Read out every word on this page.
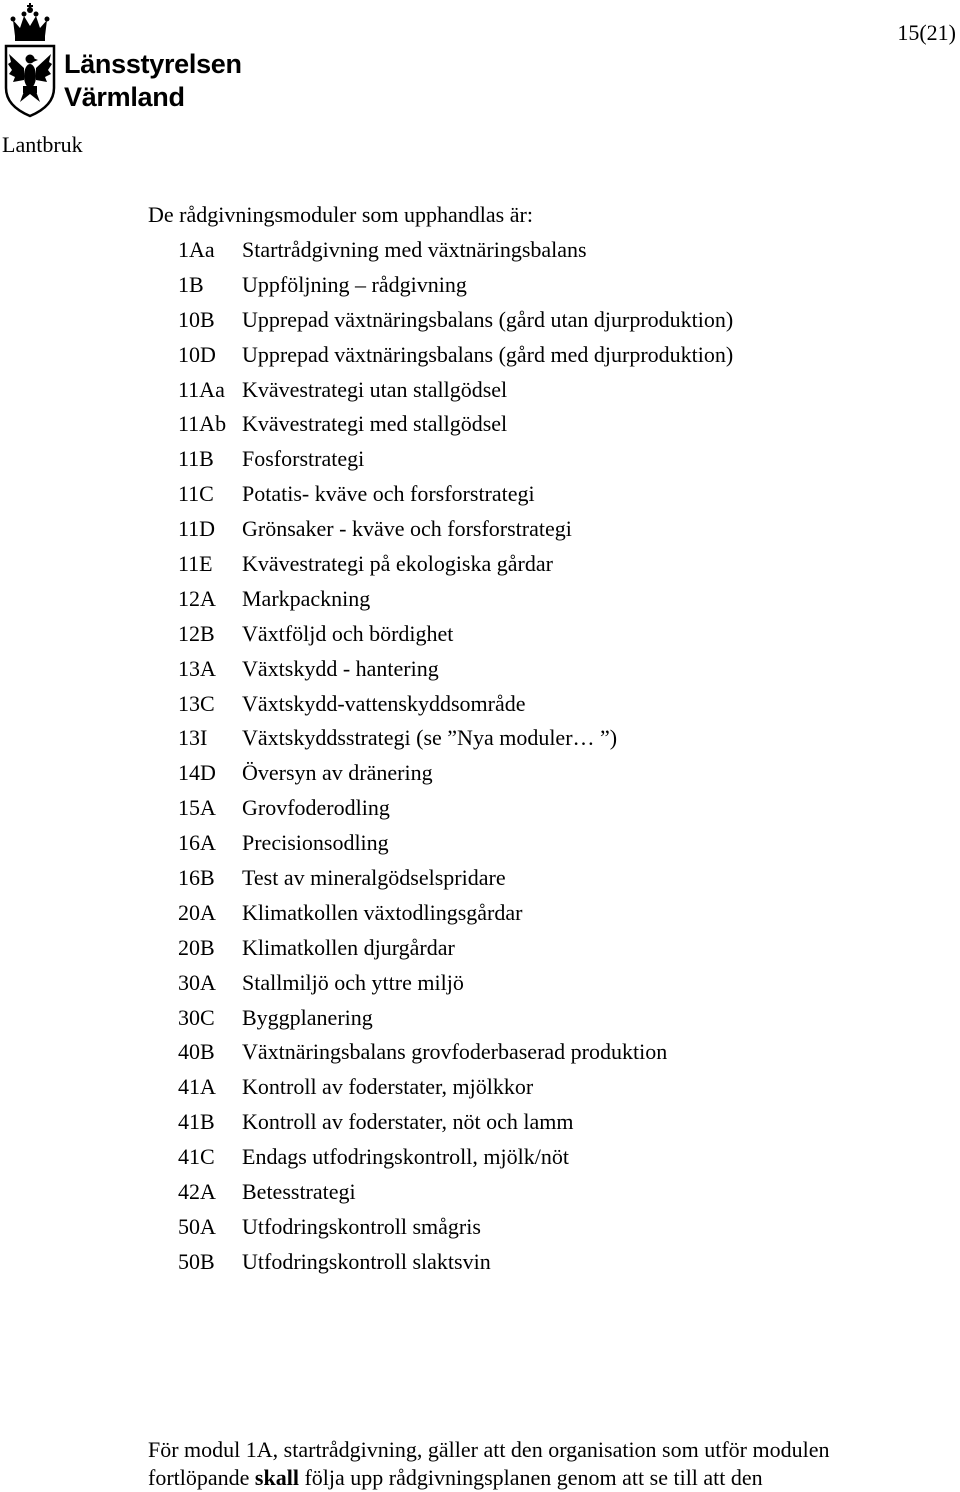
Länsstyrelsen
Värmland
15(21)
Lantbruk
De rådgivningsmoduler som upphandlas är:
1Aa	Startrådgivning med växtnäringsbalans
1B	Uppföljning – rådgivning
10B	Upprepad växtnäringsbalans (gård utan djurproduktion)
10D	Upprepad växtnäringsbalans (gård med djurproduktion)
11Aa Kvävestrategi utan stallgödsel
11Ab Kvävestrategi med stallgödsel
11B	Fosforstrategi
11C	Potatis- kväve och forsforstrategi
11D	Grönsaker - kväve och forsforstrategi
11E	Kvävestrategi på ekologiska gårdar
12A	Markpackning
12B	Växtföljd och bördighet
13A	Växtskydd - hantering
13C	Växtskydd-vattenskyddsområde
13I	Växtskyddsstrategi (se ”Nya moduler… ”)
14D	Översyn av dränering
15A	Grovfoderodling
16A	Precisionsodling
16B	Test av mineralgödselspridare
20A	Klimatkollen växtodlingsgårdar
20B	Klimatkollen djurgårdar
30A	Stallmiljö och yttre miljö
30C	Byggplanering
40B	Växtnäringsbalans grovfoderbaserad produktion
41A	Kontroll av foderstater, mjölkkor
41B	Kontroll av foderstater, nöt och lamm
41C	Endags utfodringskontroll, mjölk/nöt
42A	Betesstrategi
50A	Utfodringskontroll smågris
50B	Utfodringskontroll slaktsvin
För modul 1A, startrådgivning, gäller att den organisation som utför modulen
fortlöpande skall följa upp rådgivningsplanen genom att se till att den
